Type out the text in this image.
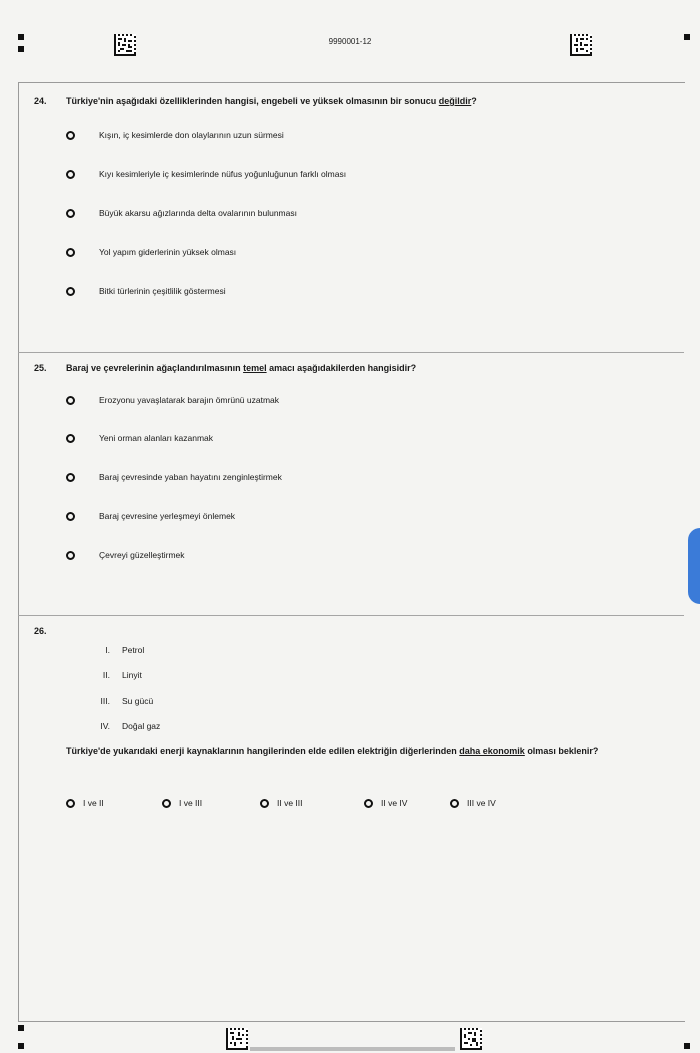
9990001-12
24. Türkiye'nin aşağıdaki özelliklerinden hangisi, engebeli ve yüksek olmasının bir sonucu değildir?
Kışın, iç kesimlerde don olaylarının uzun sürmesi
Kıyı kesimleriyle iç kesimlerinde nüfus yoğunluğunun farklı olması
Büyük akarsu ağızlarında delta ovalarının bulunması
Yol yapım giderlerinin yüksek olması
Bitki türlerinin çeşitlilik göstermesi
25. Baraj ve çevrelerinin ağaçlandırılmasının temel amacı aşağıdakilerden hangisidir?
Erozyonu yavaşlatarak barajın ömrünü uzatmak
Yeni orman alanları kazanmak
Baraj çevresinde yaban hayatını zenginleştirmek
Baraj çevresine yerleşmeyi önlemek
Çevreyi güzelleştirmek
26.
I. Petrol
II. Linyit
III. Su gücü
IV. Doğal gaz
Türkiye'de yukarıdaki enerji kaynaklarının hangilerinden elde edilen elektriğin diğerlerinden daha ekonomik olması beklenir?
I ve II	I ve III	II ve III	II ve IV	III ve IV
